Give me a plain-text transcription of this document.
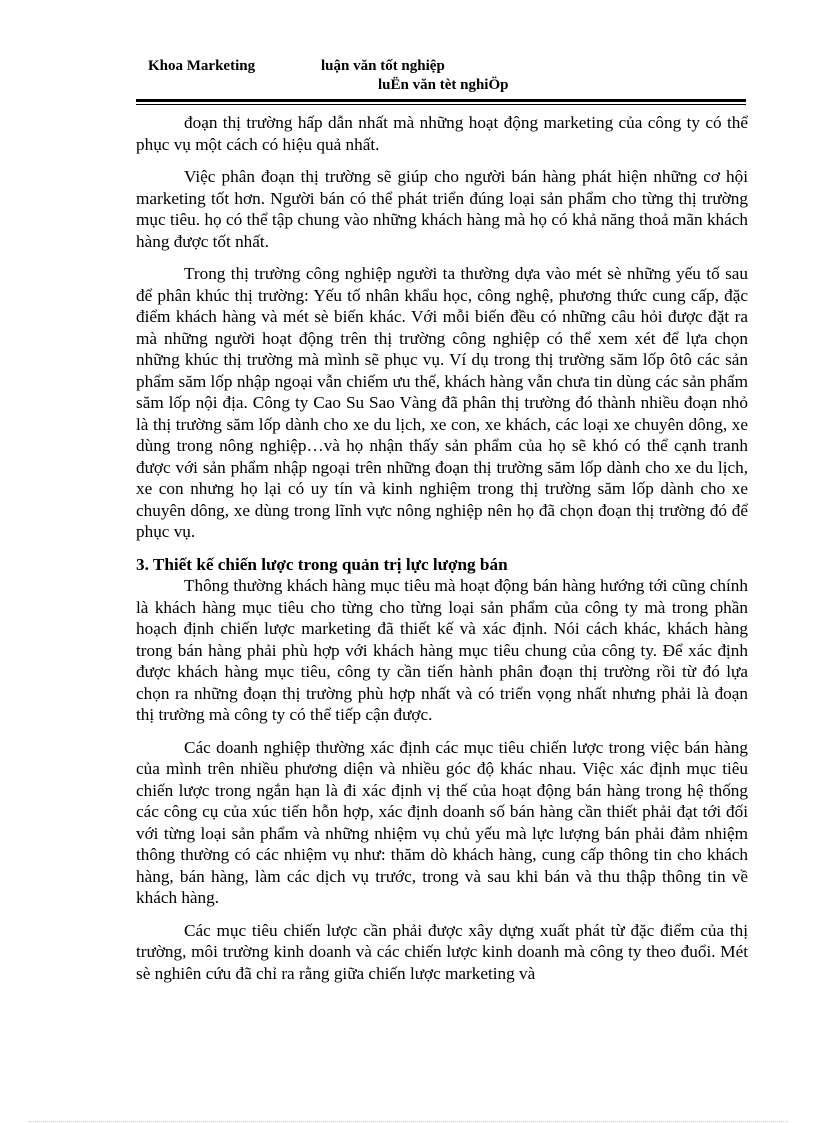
Khoa Marketing	luận văn tốt nghiệp
luËn văn tèt nghiÖp

đoạn thị trường hấp dẫn nhất mà những hoạt động marketing của công ty có thể phục vụ một cách có hiệu quả nhất.

Việc phân đoạn thị trường sẽ giúp cho người bán hàng phát hiện những cơ hội marketing tốt hơn. Người bán có thể phát triển đúng loại sản phẩm cho từng thị trường mục tiêu. họ có thể tập chung vào những khách hàng mà họ có khả năng thoả mãn khách hàng được tốt nhất.

Trong thị trường công nghiệp người ta thường dựa vào mét sè những yếu tố sau để phân khúc thị trường: Yếu tố nhân khẩu học, công nghệ, phương thức cung cấp, đặc điểm khách hàng và mét sè biến khác. Với mỗi biến đều có những câu hỏi được đặt ra mà những người hoạt động trên thị trường công nghiệp có thể xem xét để lựa chọn những khúc thị trường mà mình sẽ phục vụ. Ví dụ trong thị trường săm lốp ôtô các sản phẩm săm lốp nhập ngoại vẫn chiếm ưu thế, khách hàng vẫn chưa tin dùng các sản phẩm săm lốp nội địa. Công ty Cao Su Sao Vàng đã phân thị trường đó thành nhiều đoạn nhỏ là thị trường săm lốp dành cho xe du lịch, xe con, xe khách, các loại xe chuyên dông, xe dùng trong nông nghiệp…và họ nhận thấy sản phẩm của họ sẽ khó có thể cạnh tranh được với sản phẩm nhập ngoại trên những đoạn thị trường săm lốp dành cho xe du lịch, xe con nhưng họ lại có uy tín và kinh nghiệm trong thị trường săm lốp dành cho xe chuyên dông, xe dùng trong lĩnh vực nông nghiệp nên họ đã chọn đoạn thị trường đó để phục vụ.

3. Thiết kế chiến lược trong quản trị lực lượng bán

Thông thường khách hàng mục tiêu mà hoạt động bán hàng hướng tới cũng chính là khách hàng mục tiêu cho từng cho từng loại sản phẩm của công ty mà trong phần hoạch định chiến lược marketing đã thiết kế và xác định. Nói cách khác, khách hàng trong bán hàng phải phù hợp với khách hàng mục tiêu chung của công ty. Để xác định được khách hàng mục tiêu, công ty cần tiến hành phân đoạn thị trường rồi từ đó lựa chọn ra những đoạn thị trường phù hợp nhất và có triển vọng nhất nhưng phải là đoạn thị trường mà công ty có thể tiếp cận được.

Các doanh nghiệp thường xác định các mục tiêu chiến lược trong việc bán hàng của mình trên nhiều phương diện và nhiều góc độ khác nhau. Việc xác định mục tiêu chiến lược trong ngắn hạn là đi xác định vị thế của hoạt động bán hàng trong hệ thống các công cụ của xúc tiến hỗn hợp, xác định doanh số bán hàng cần thiết phải đạt tới đối với từng loại sản phẩm và những nhiệm vụ chủ yếu mà lực lượng bán phải đảm nhiệm thông thường có các nhiệm vụ như: thăm dò khách hàng, cung cấp thông tin cho khách hàng, bán hàng, làm các dịch vụ trước, trong và sau khi bán và thu thập thông tin về khách hàng.

Các mục tiêu chiến lược cần phải được xây dựng xuất phát từ đặc điểm của thị trường, môi trường kinh doanh và các chiến lược kinh doanh mà công ty theo đuổi. Mét sè nghiên cứu đã chỉ ra rằng giữa chiến lược marketing và
